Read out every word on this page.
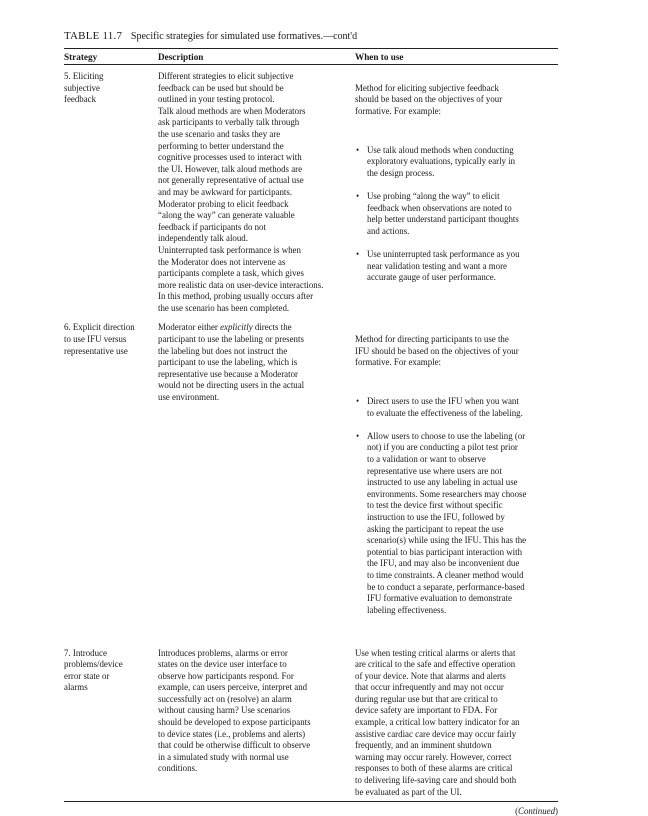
TABLE 11.7 Specific strategies for simulated use formatives.—cont'd

Strategy	Description	When to use
5. Eliciting
subjective
feedback
Different strategies to elicit subjective
feedback can be used but should be
outlined in your testing protocol.
Talk aloud methods are when Moderators
ask participants to verbally talk through
the use scenario and tasks they are
performing to better understand the
cognitive processes used to interact with
the UI. However, talk aloud methods are
not generally representative of actual use
and may be awkward for participants.
Moderator probing to elicit feedback
“along the way” can generate valuable
feedback if participants do not
independently talk aloud.
Uninterrupted task performance is when
the Moderator does not intervene as
participants complete a task, which gives
more realistic data on user-device interactions.
In this method, probing usually occurs after
the use scenario has been completed.

Method for eliciting subjective feedback
should be based on the objectives of your
formative. For example:

• Use talk aloud methods when conducting
exploratory evaluations, typically early in
the design process.

• Use probing “along the way” to elicit
feedback when observations are noted to
help better understand participant thoughts
and actions.

• Use uninterrupted task performance as you
near validation testing and want a more
accurate gauge of user performance.

6. Explicit direction
to use IFU versus
representative use
Moderator either explicitly directs the
participant to use the labeling or presents
the labeling but does not instruct the
participant to use the labeling, which is
representative use because a Moderator
would not be directing users in the actual
use environment.

Method for directing participants to use the
IFU should be based on the objectives of your
formative. For example:

• Direct users to use the IFU when you want
to evaluate the effectiveness of the labeling.

• Allow users to choose to use the labeling (or
not) if you are conducting a pilot test prior
to a validation or want to observe
representative use where users are not
instructed to use any labeling in actual use
environments. Some researchers may choose
to test the device first without specific
instruction to use the IFU, followed by
asking the participant to repeat the use
scenario(s) while using the IFU. This has the
potential to bias participant interaction with
the IFU, and may also be inconvenient due
to time constraints. A cleaner method would
be to conduct a separate, performance-based
IFU formative evaluation to demonstrate
labeling effectiveness.

7. Introduce
problems/device
error state or
alarms
Introduces problems, alarms or error
states on the device user interface to
observe how participants respond. For
example, can users perceive, interpret and
successfully act on (resolve) an alarm
without causing harm? Use scenarios
should be developed to expose participants
to device states (i.e., problems and alerts)
that could be otherwise difficult to observe
in a simulated study with normal use
conditions.
Use when testing critical alarms or alerts that
are critical to the safe and effective operation
of your device. Note that alarms and alerts
that occur infrequently and may not occur
during regular use but that are critical to
device safety are important to FDA. For
example, a critical low battery indicator for an
assistive cardiac care device may occur fairly
frequently, and an imminent shutdown
warning may occur rarely. However, correct
responses to both of these alarms are critical
to delivering life-saving care and should both
be evaluated as part of the UI.
(Continued)
